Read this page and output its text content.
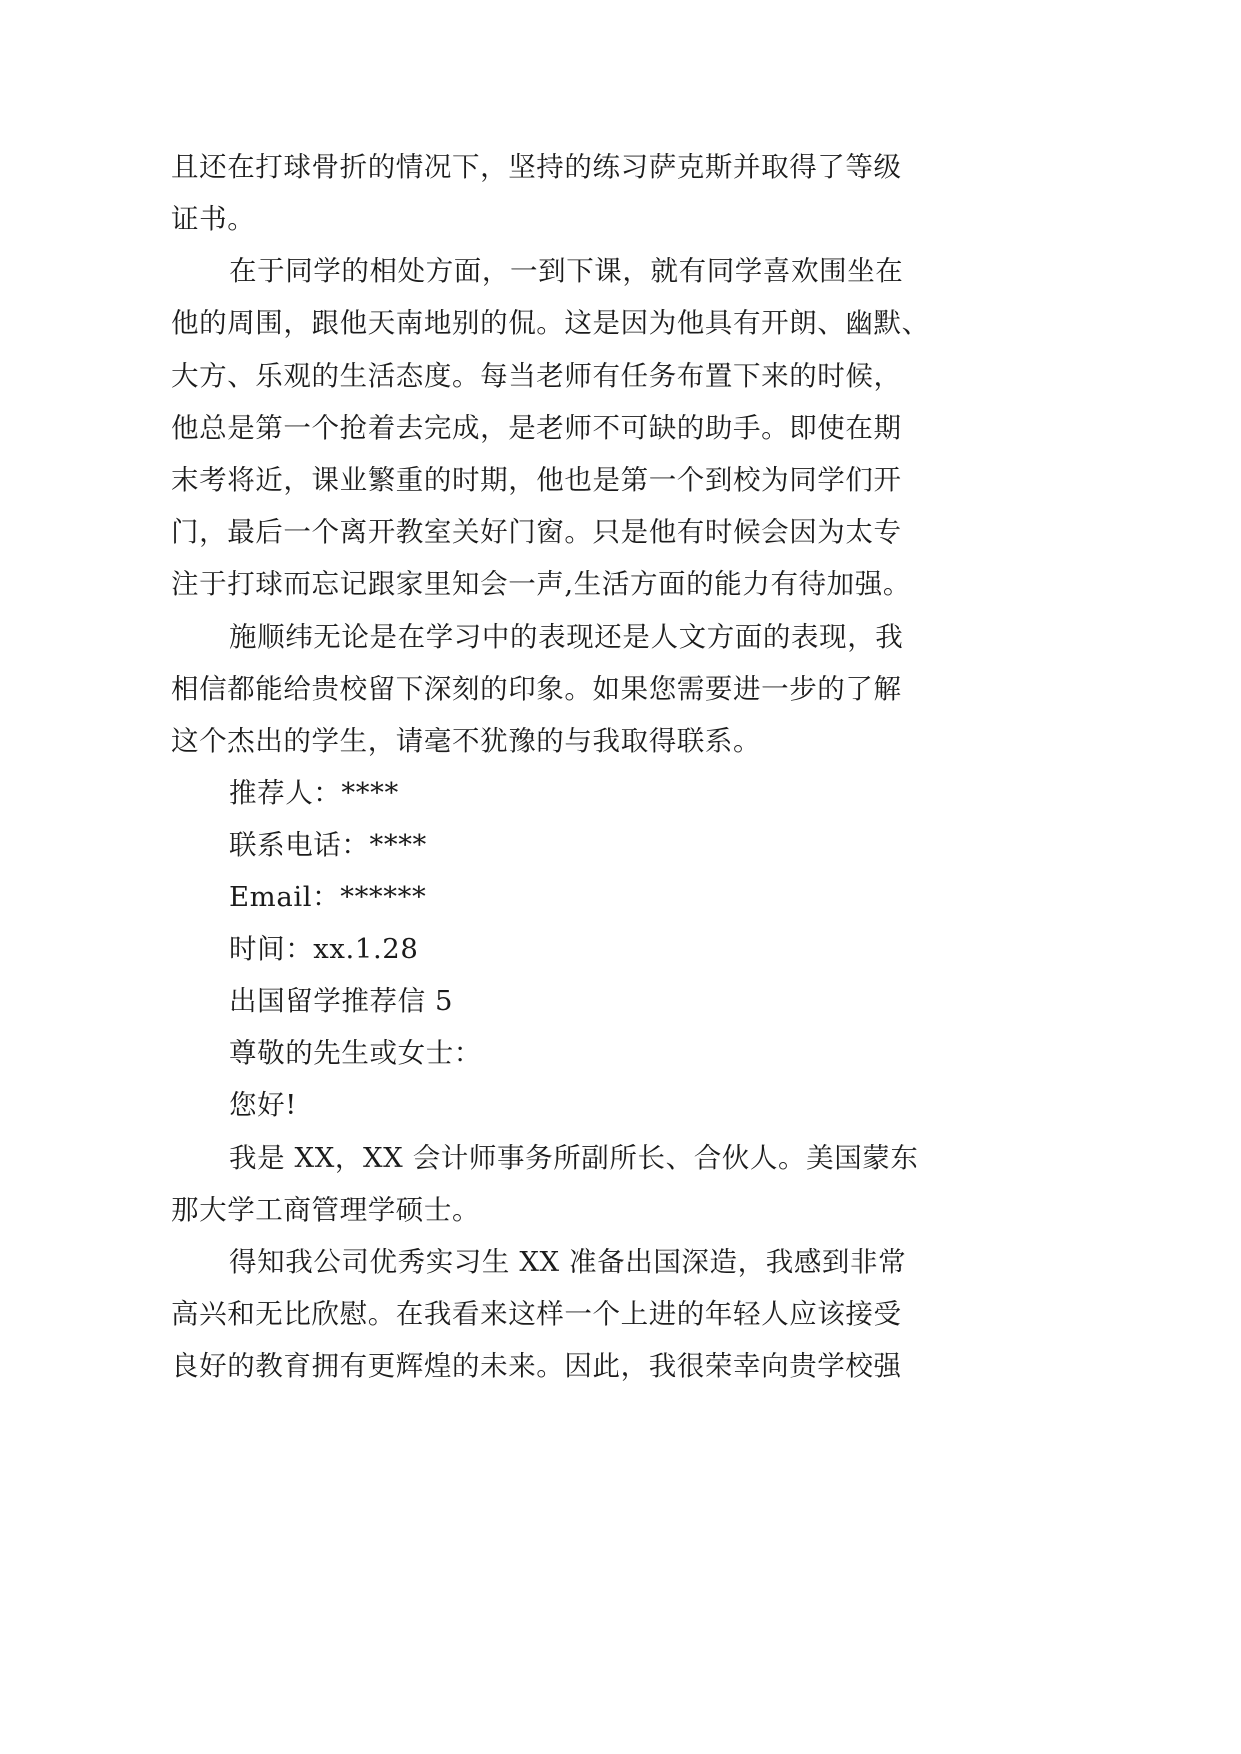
且还在打球骨折的情况下，坚持的练习萨克斯并取得了等级
证书。
在于同学的相处方面，一到下课，就有同学喜欢围坐在
他的周围，跟他天南地别的侃。这是因为他具有开朗、幽默、
大方、乐观的生活态度。每当老师有任务布置下来的时候，
他总是第一个抢着去完成，是老师不可缺的助手。即使在期
末考将近，课业繁重的时期，他也是第一个到校为同学们开
门，最后一个离开教室关好门窗。只是他有时候会因为太专
注于打球而忘记跟家里知会一声,生活方面的能力有待加强。
施顺纬无论是在学习中的表现还是人文方面的表现，我
相信都能给贵校留下深刻的印象。如果您需要进一步的了解
这个杰出的学生，请毫不犹豫的与我取得联系。
推荐人：****
联系电话：****
Email：******
时间：xx.1.28
出国留学推荐信 5
尊敬的先生或女士：
您好!
我是 XX，XX 会计师事务所副所长、合伙人。美国蒙东
那大学工商管理学硕士。
得知我公司优秀实习生 XX 准备出国深造，我感到非常
高兴和无比欣慰。在我看来这样一个上进的年轻人应该接受
良好的教育拥有更辉煌的未来。因此，我很荣幸向贵学校强
